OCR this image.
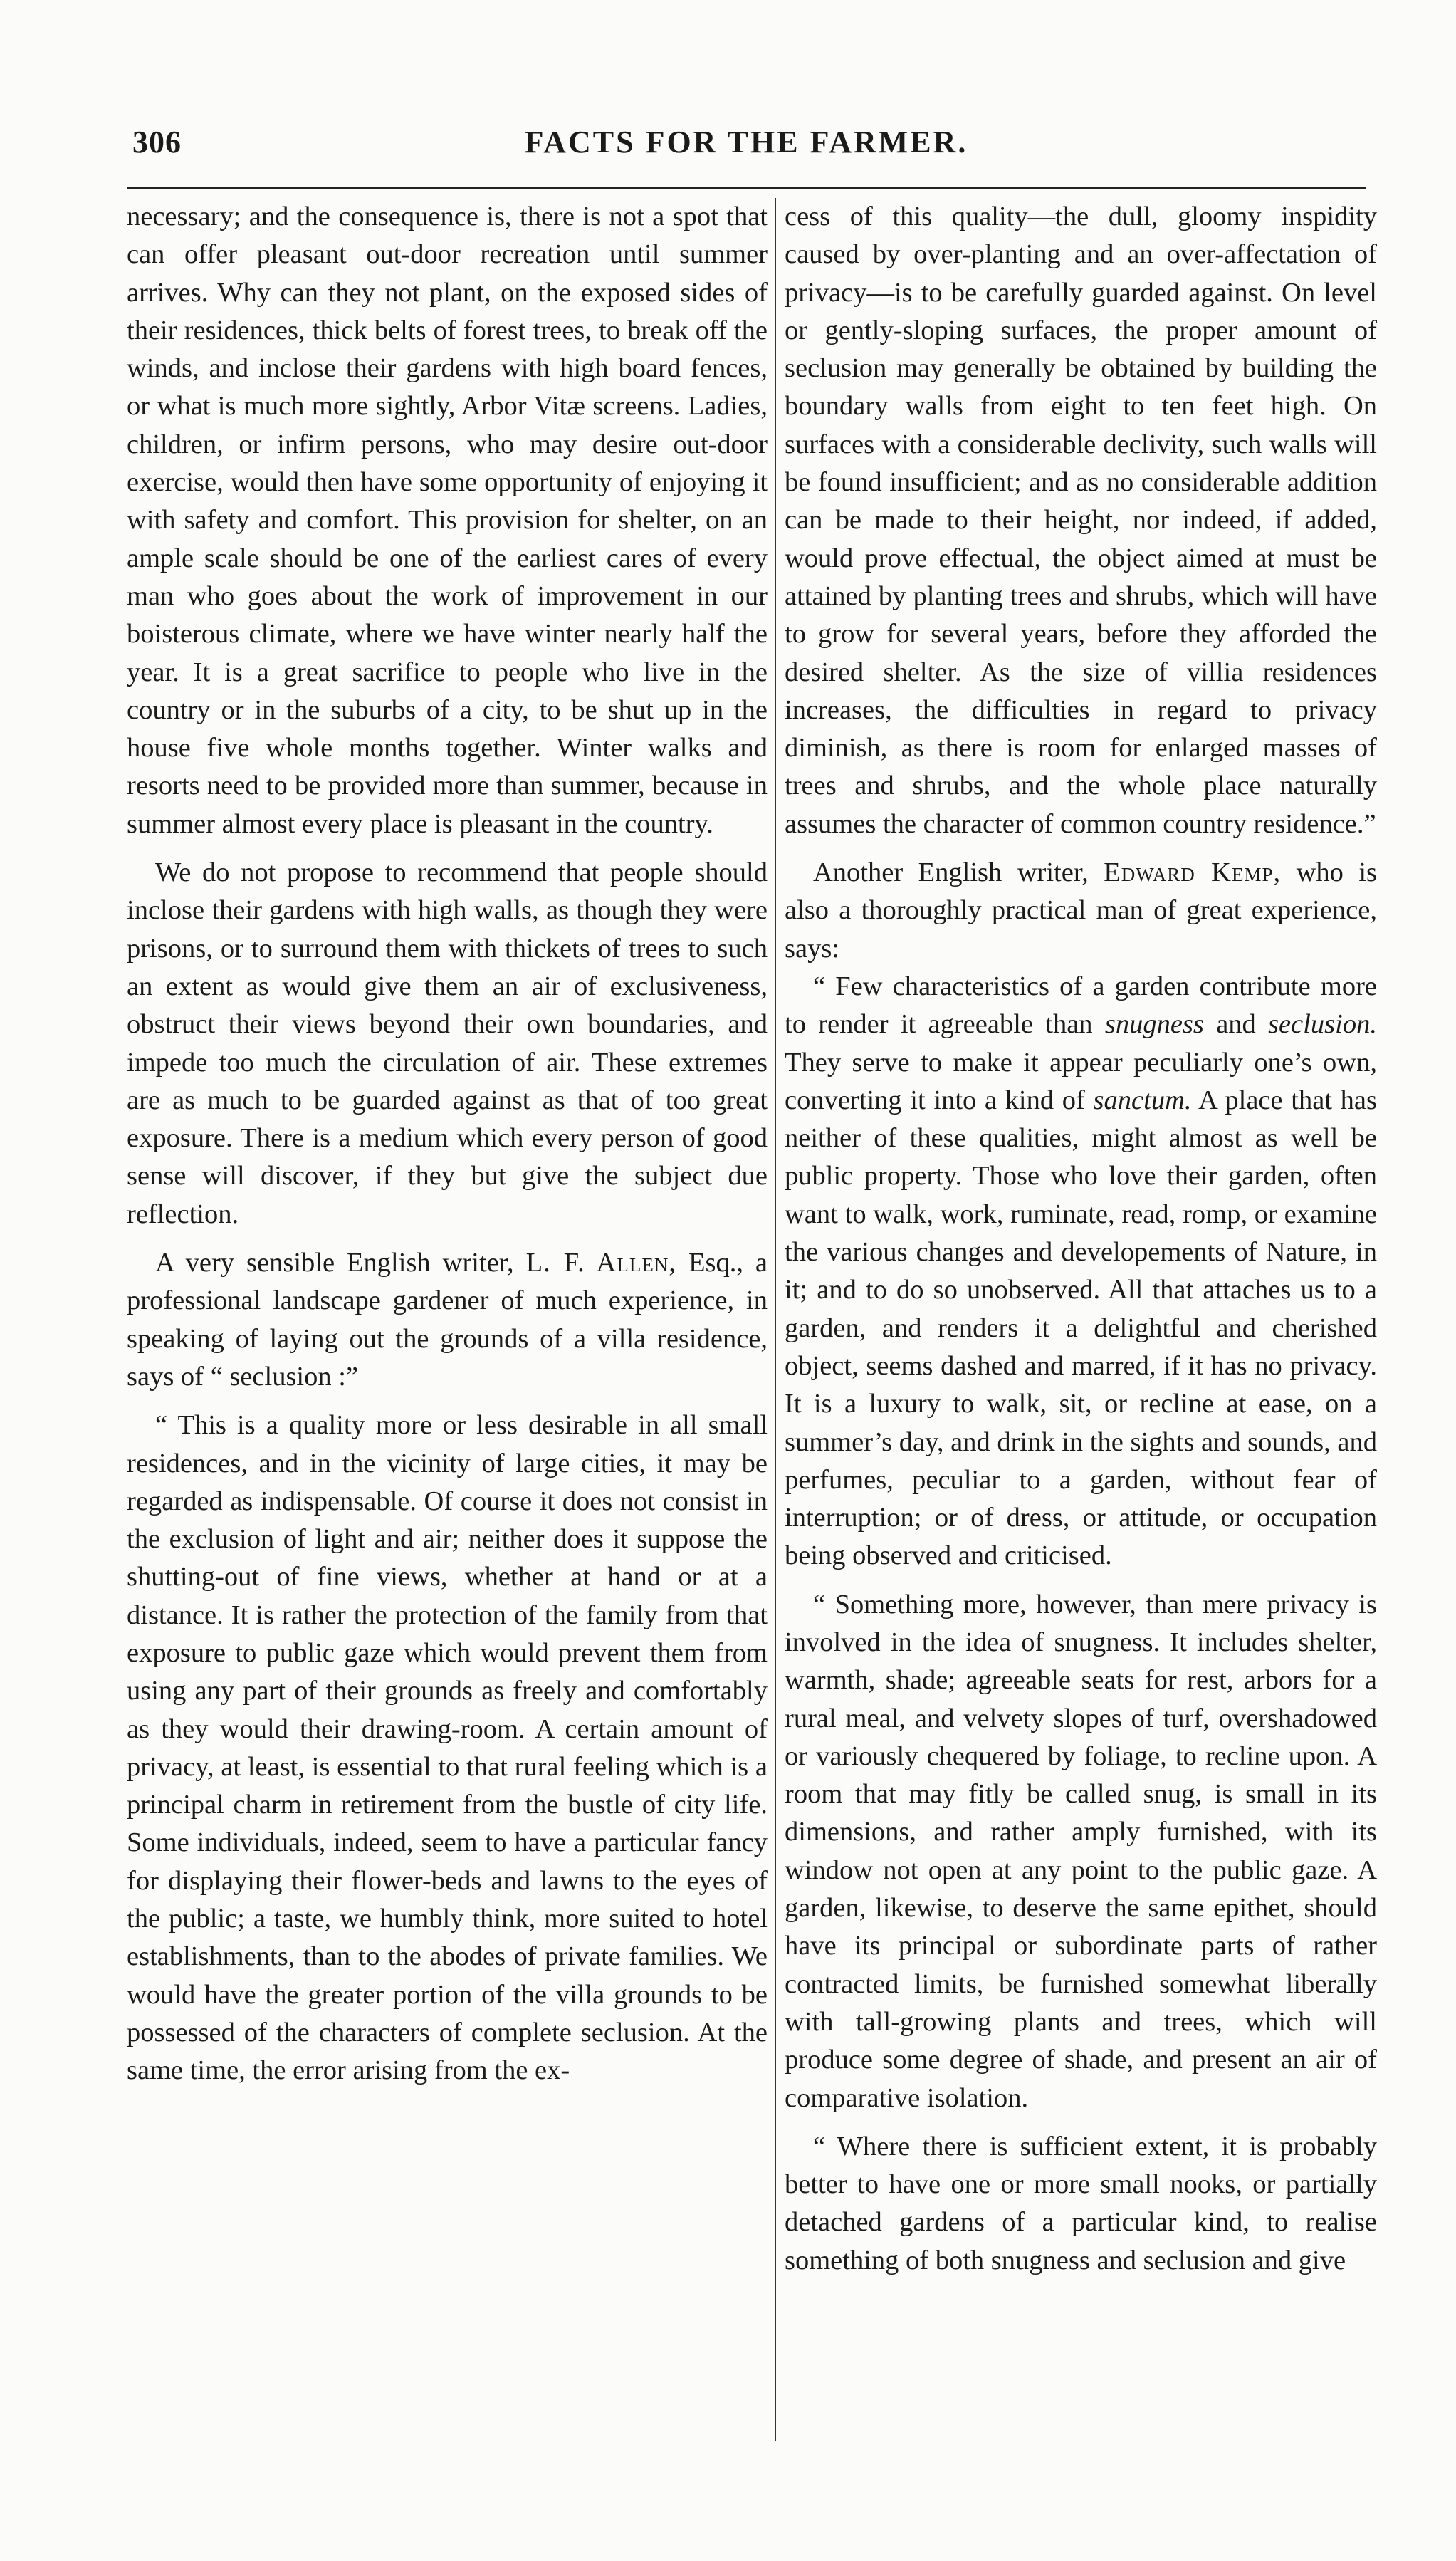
306	FACTS FOR THE FARMER.

necessary; and the consequence is, there is not a spot that can offer pleasant out-door recreation until summer arrives. Why can they not plant, on the exposed sides of their residences, thick belts of forest trees, to break off the winds, and inclose their gardens with high board fences, or what is much more sightly, Arbor Vitæ screens. Ladies, children, or infirm persons, who may desire out-door exercise, would then have some opportunity of enjoying it with safety and comfort. This provision for shelter, on an ample scale should be one of the earliest cares of every man who goes about the work of improvement in our boisterous climate, where we have winter nearly half the year. It is a great sacrifice to people who live in the country or in the suburbs of a city, to be shut up in the house five whole months together. Winter walks and resorts need to be provided more than summer, because in summer almost every place is pleasant in the country.

We do not propose to recommend that people should inclose their gardens with high walls, as though they were prisons, or to surround them with thickets of trees to such an extent as would give them an air of exclusiveness, obstruct their views beyond their own boundaries, and impede too much the circulation of air. These extremes are as much to be guarded against as that of too great exposure. There is a medium which every person of good sense will discover, if they but give the subject due reflection.

A very sensible English writer, L. F. Allen, Esq., a professional landscape gardener of much experience, in speaking of laying out the grounds of a villa residence, says of “ seclusion :”

“ This is a quality more or less desirable in all small residences, and in the vicinity of large cities, it may be regarded as indispensable. Of course it does not consist in the exclusion of light and air; neither does it suppose the shutting-out of fine views, whether at hand or at a distance. It is rather the protection of the family from that exposure to public gaze which would prevent them from using any part of their grounds as freely and comfortably as they would their drawing-room. A certain amount of privacy, at least, is essential to that rural feeling which is a principal charm in retirement from the bustle of city life. Some individuals, indeed, seem to have a particular fancy for displaying their flower-beds and lawns to the eyes of the public; a taste, we humbly think, more suited to hotel establishments, than to the abodes of private families. We would have the greater portion of the villa grounds to be possessed of the characters of complete seclusion. At the same time, the error arising from the ex-

cess of this quality—the dull, gloomy inspidity caused by over-planting and an over-affectation of privacy—is to be carefully guarded against. On level or gently-sloping surfaces, the proper amount of seclusion may generally be obtained by building the boundary walls from eight to ten feet high. On surfaces with a considerable declivity, such walls will be found insufficient; and as no considerable addition can be made to their height, nor indeed, if added, would prove effectual, the object aimed at must be attained by planting trees and shrubs, which will have to grow for several years, before they afforded the desired shelter. As the size of villia residences increases, the difficulties in regard to privacy diminish, as there is room for enlarged masses of trees and shrubs, and the whole place naturally assumes the character of common country residence.”

Another English writer, Edward Kemp, who is also a thoroughly practical man of great experience, says:

“ Few characteristics of a garden contribute more to render it agreeable than snugness and seclusion. They serve to make it appear peculiarly one’s own, converting it into a kind of sanctum. A place that has neither of these qualities, might almost as well be public property. Those who love their garden, often want to walk, work, ruminate, read, romp, or examine the various changes and developements of Nature, in it; and to do so unobserved. All that attaches us to a garden, and renders it a delightful and cherished object, seems dashed and marred, if it has no privacy. It is a luxury to walk, sit, or recline at ease, on a summer’s day, and drink in the sights and sounds, and perfumes, peculiar to a garden, without fear of interruption; or of dress, or attitude, or occupation being observed and criticised.

“ Something more, however, than mere privacy is involved in the idea of snugness. It includes shelter, warmth, shade; agreeable seats for rest, arbors for a rural meal, and velvety slopes of turf, overshadowed or variously chequered by foliage, to recline upon. A room that may fitly be called snug, is small in its dimensions, and rather amply furnished, with its window not open at any point to the public gaze. A garden, likewise, to deserve the same epithet, should have its principal or subordinate parts of rather contracted limits, be furnished somewhat liberally with tall-growing plants and trees, which will produce some degree of shade, and present an air of comparative isolation.

“ Where there is sufficient extent, it is probably better to have one or more small nooks, or partially detached gardens of a particular kind, to realise something of both snugness and seclusion and give
